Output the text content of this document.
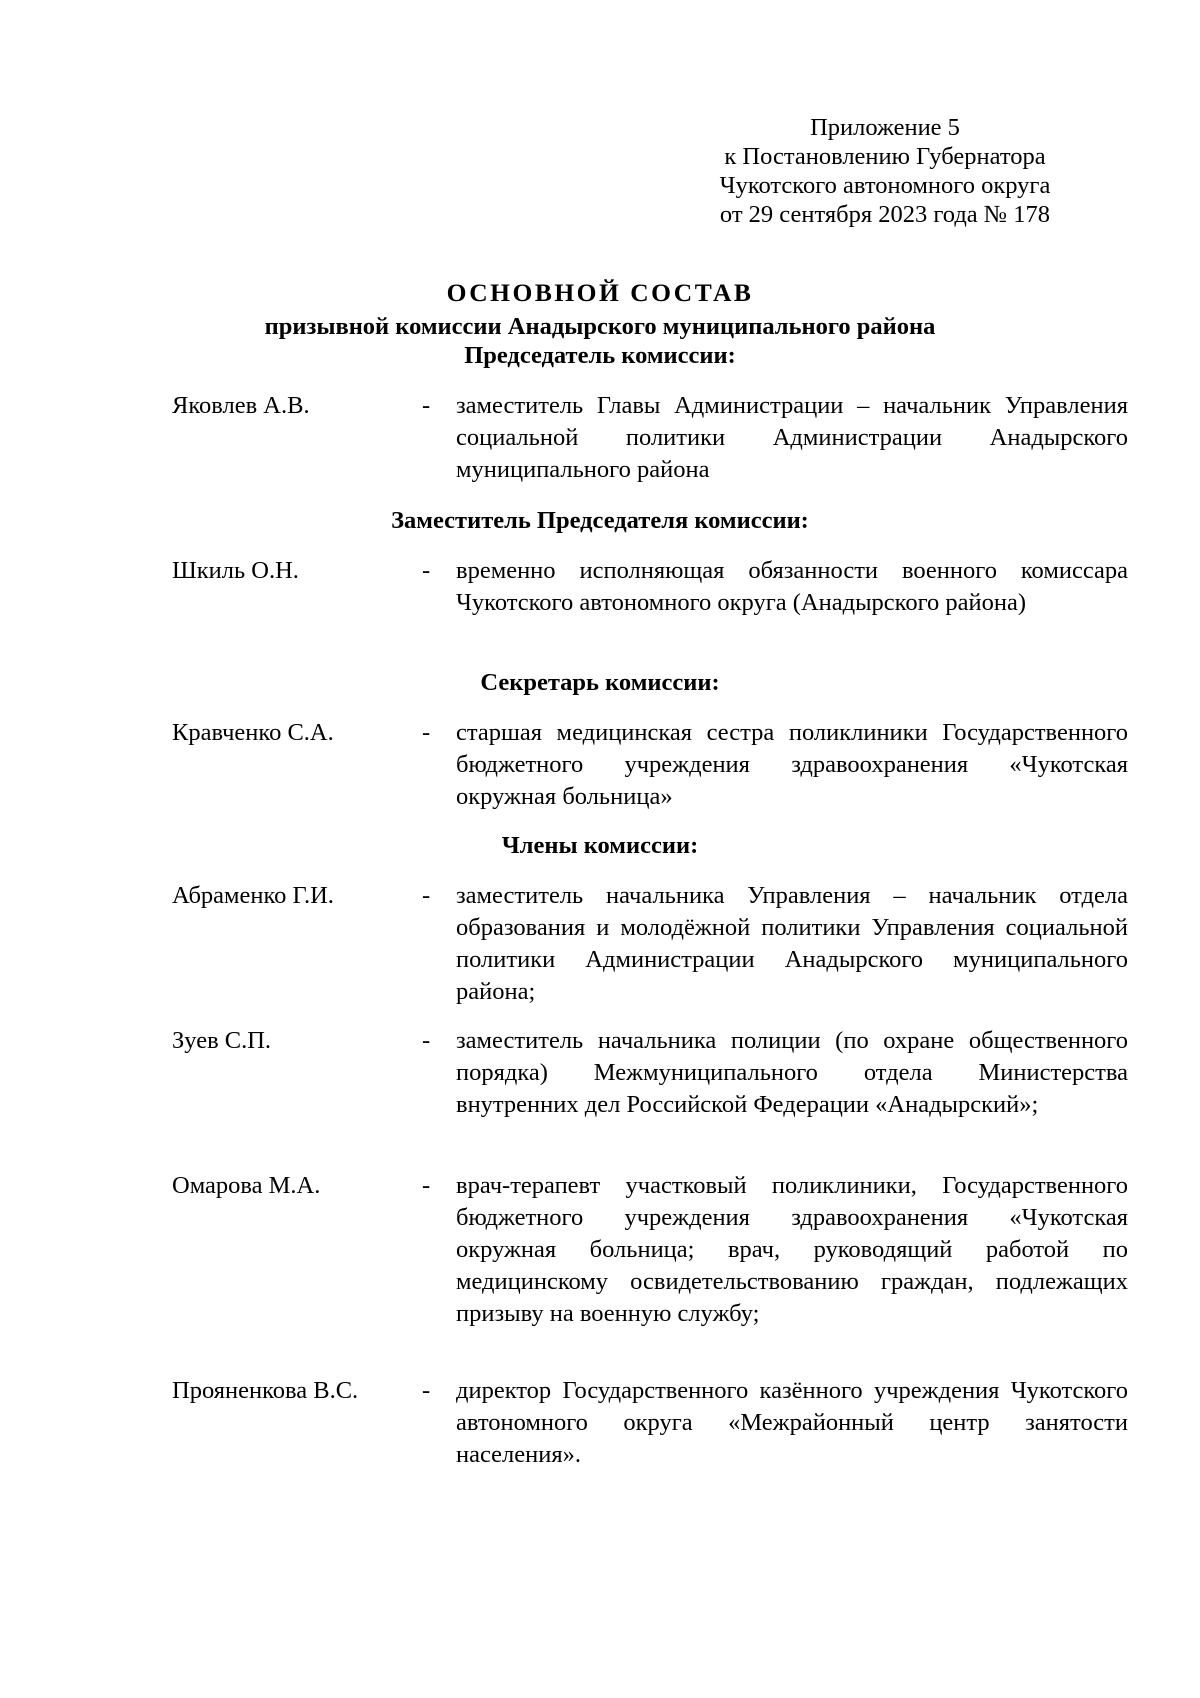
Приложение 5
к Постановлению Губернатора
Чукотского автономного округа
от 29 сентября 2023 года № 178
ОСНОВНОЙ СОСТАВ
призывной комиссии Анадырского муниципального района
Председатель комиссии:
Яковлев А.В.	- заместитель Главы Администрации – начальник Управления социальной политики Администрации Анадырского муниципального района
Заместитель Председателя комиссии:
Шкиль О.Н.	- временно исполняющая обязанности военного комиссара Чукотского автономного округа (Анадырского района)
Секретарь комиссии:
Кравченко С.А.	- старшая медицинская сестра поликлиники Государственного бюджетного учреждения здравоохранения «Чукотская окружная больница»
Члены комиссии:
Абраменко Г.И.	- заместитель начальника Управления – начальник отдела образования и молодёжной политики Управления социальной политики Администрации Анадырского муниципального района;
Зуев С.П.	- заместитель начальника полиции (по охране общественного порядка) Межмуниципального отдела Министерства внутренних дел Российской Федерации «Анадырский»;
Омарова М.А.	- врач-терапевт участковый поликлиники, Государственного бюджетного учреждения здравоохранения «Чукотская окружная больница; врач, руководящий работой по медицинскому освидетельствованию граждан, подлежащих призыву на военную службу;
Прояненкова В.С.	- директор Государственного казённого учреждения Чукотского автономного округа «Межрайонный центр занятости населения».
